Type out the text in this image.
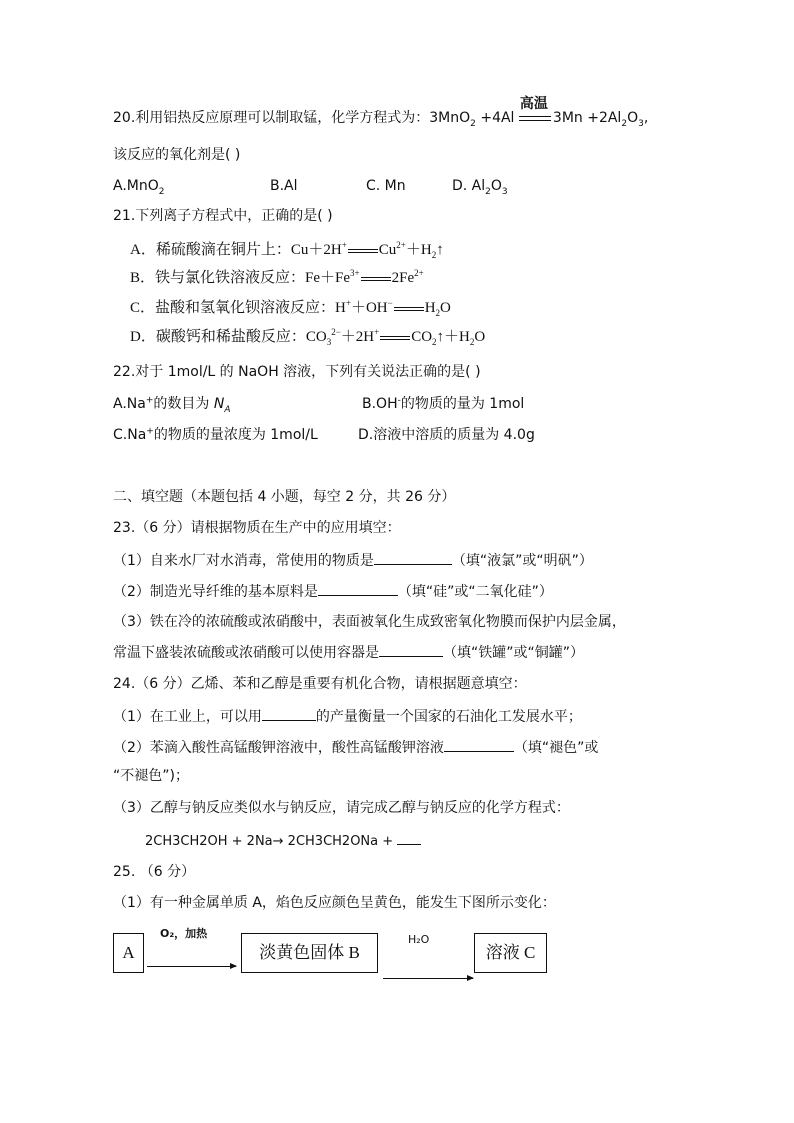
20.利用铝热反应原理可以制取锰，化学方程式为：3MnO$_2$ +4Al
高温
$3Mn +2Al_2O_3$,
该反应的氧化剂是( )
A.MnO$_2$	B.Al	C. Mn	D. $Al_2O_3$
21.下列离子方程式中，正确的是( )
A．稀硫酸滴在铜片上：Cu＋2H+ $Cu^{2+}+H_2↑$
B．铁与氯化铁溶液反应：$Fe+Fe^{3+}$ $2Fe^{2+}$
C．盐酸和氢氧化钡溶液反应：H+＋OH− $H_2O$
D．碳酸钙和稀盐酸反应：$CO_3^{2-}+2H^+$ $CO_2↑+H_2O$
22.对于 1mol/L 的 NaOH 溶液，下列有关说法正确的是( )
A.Na+的数目为 $N_A$	B.OH-的物质的量为 1mol
C.Na+的物质的量浓度为 1mol/L	D.溶液中溶质的质量为 4.0g
二、填空题（本题包括 4 小题，每空 2 分，共 26 分）
23.（6 分）请根据物质在生产中的应用填空：
（1）自来水厂对水消毒，常使用的物质是	（填“液氯”或“明矾”）
（2）制造光导纤维的基本原料是	（填“硅”或“二氧化硅”）
（3）铁在冷的浓硫酸或浓硝酸中，表面被氧化生成致密氧化物膜而保护内层金属，
常温下盛装浓硫酸或浓硝酸可以使用容器是	（填“铁罐”或“铜罐”）
24.（6 分）乙烯、苯和乙醇是重要有机化合物，请根据题意填空：
（1）在工业上，可以用	的产量衡量一个国家的石油化工发展水平；
（2）苯滴入酸性高锰酸钾溶液中，酸性高锰酸钾溶液	（填“褪色”或
“不褪色”)；
（3）乙醇与钠反应类似水与钠反应，请完成乙醇与钠反应的化学方程式：
2CH3CH2OH + 2Na→ 2CH3CH2ONa +
25. （6 分）
（1）有一种金属单质 A，焰色反应颜色呈黄色，能发生下图所示变化：
A
O₂，加热
淡黄色固体 B
H₂O
溶液 C
